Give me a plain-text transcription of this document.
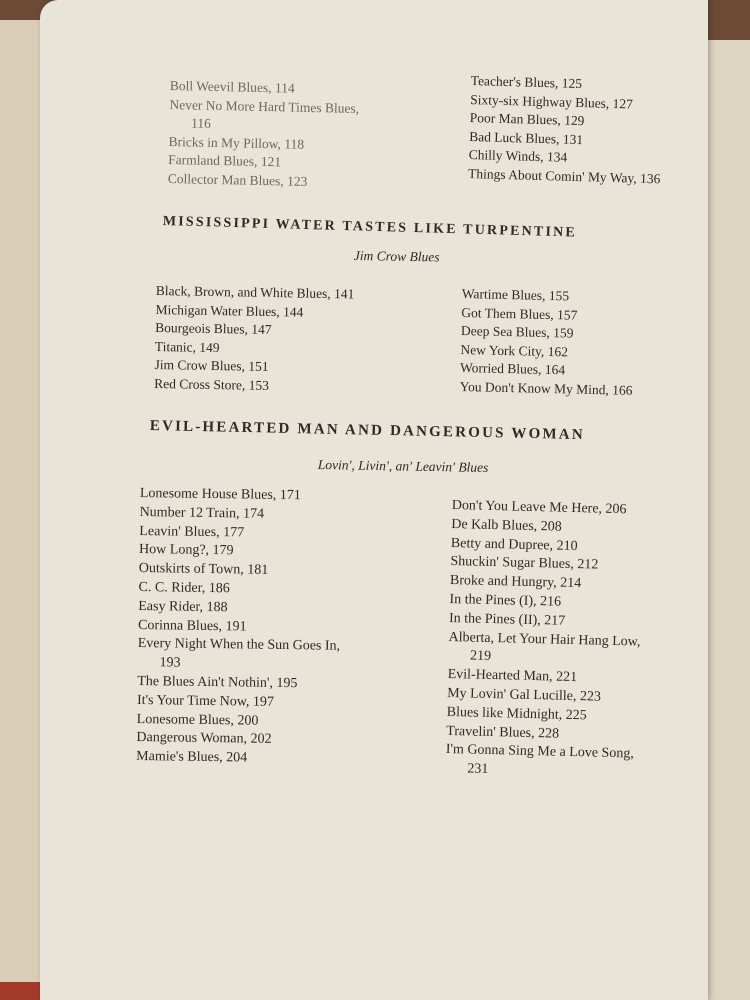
Boll Weevil Blues, 114
Never No More Hard Times Blues,
116
Bricks in My Pillow, 118
Farmland Blues, 121
Collector Man Blues, 123
Teacher's Blues, 125
Sixty-six Highway Blues, 127
Poor Man Blues, 129
Bad Luck Blues, 131
Chilly Winds, 134
Things About Comin' My Way, 136
MISSISSIPPI WATER TASTES LIKE TURPENTINE
Jim Crow Blues
Black, Brown, and White Blues, 141
Michigan Water Blues, 144
Bourgeois Blues, 147
Titanic, 149
Jim Crow Blues, 151
Red Cross Store, 153
Wartime Blues, 155
Got Them Blues, 157
Deep Sea Blues, 159
New York City, 162
Worried Blues, 164
You Don't Know My Mind, 166
EVIL-HEARTED MAN AND DANGEROUS WOMAN
Lovin', Livin', an' Leavin' Blues
Lonesome House Blues, 171
Number 12 Train, 174
Leavin' Blues, 177
How Long?, 179
Outskirts of Town, 181
C. C. Rider, 186
Easy Rider, 188
Corinna Blues, 191
Every Night When the Sun Goes In,
193
The Blues Ain't Nothin', 195
It's Your Time Now, 197
Lonesome Blues, 200
Dangerous Woman, 202
Mamie's Blues, 204
Don't You Leave Me Here, 206
De Kalb Blues, 208
Betty and Dupree, 210
Shuckin' Sugar Blues, 212
Broke and Hungry, 214
In the Pines (I), 216
In the Pines (II), 217
Alberta, Let Your Hair Hang Low,
219
Evil-Hearted Man, 221
My Lovin' Gal Lucille, 223
Blues like Midnight, 225
Travelin' Blues, 228
I'm Gonna Sing Me a Love Song,
231
